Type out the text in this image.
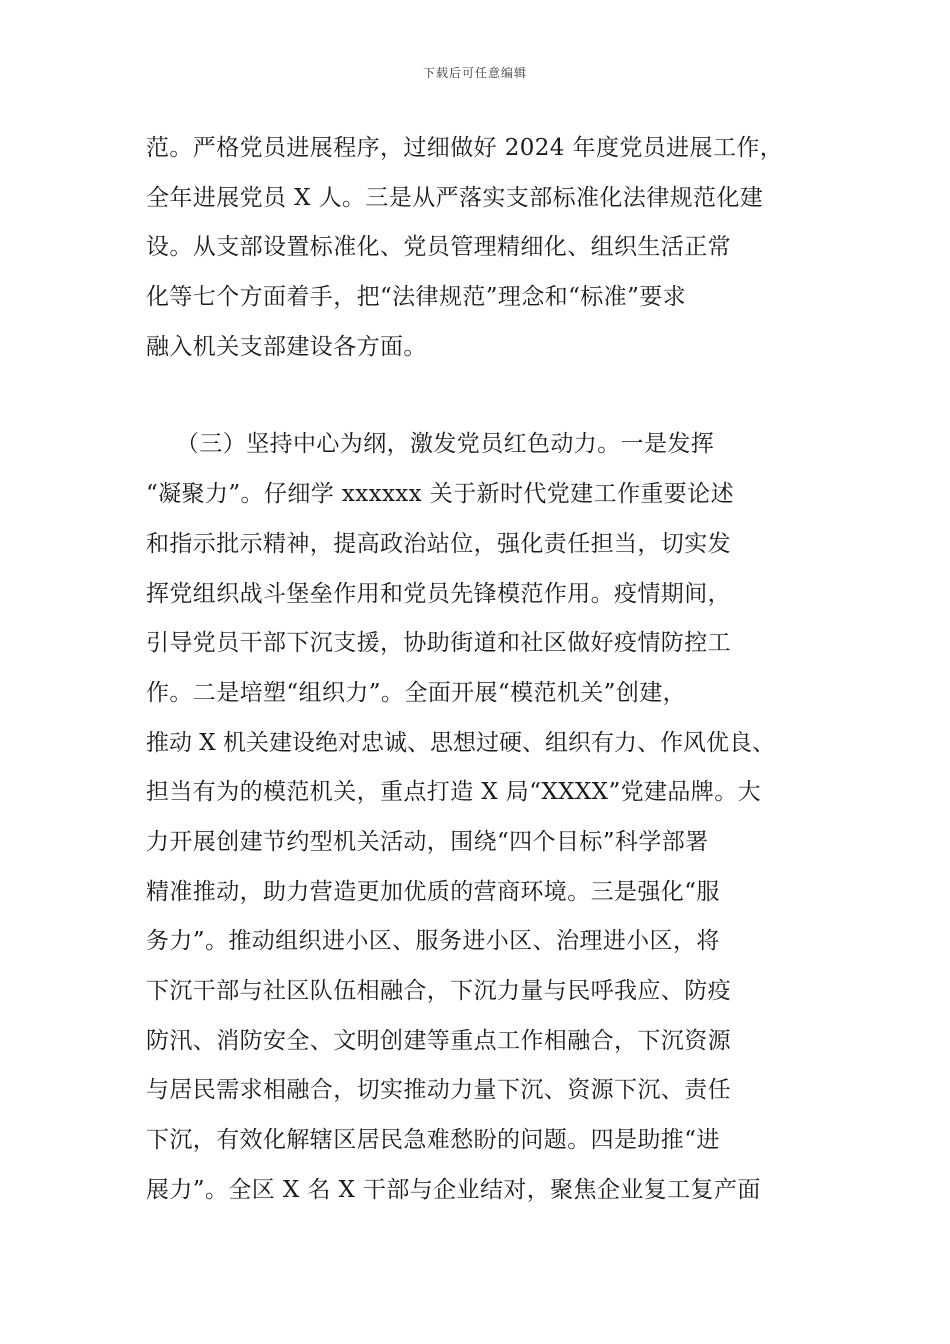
下载后可任意编辑
范。严格党员进展程序，过细做好 2024 年度党员进展工作，
全年进展党员 X 人。三是从严落实支部标准化法律规范化建
设。从支部设置标准化、党员管理精细化、组织生活正常
化等七个方面着手，把“法律规范”理念和“标准”要求
融入机关支部建设各方面。
（三）坚持中心为纲，激发党员红色动力。一是发挥
“凝聚力”。仔细学 xxxxxx 关于新时代党建工作重要论述
和指示批示精神，提高政治站位，强化责任担当，切实发
挥党组织战斗堡垒作用和党员先锋模范作用。疫情期间，
引导党员干部下沉支援，协助街道和社区做好疫情防控工
作。二是培塑“组织力”。全面开展“模范机关”创建，
推动 X 机关建设绝对忠诚、思想过硬、组织有力、作风优良、
担当有为的模范机关，重点打造 X 局“XXXX”党建品牌。大
力开展创建节约型机关活动，围绕“四个目标”科学部署
精准推动，助力营造更加优质的营商环境。三是强化“服
务力”。推动组织进小区、服务进小区、治理进小区，将
下沉干部与社区队伍相融合，下沉力量与民呼我应、防疫
防汛、消防安全、文明创建等重点工作相融合，下沉资源
与居民需求相融合，切实推动力量下沉、资源下沉、责任
下沉，有效化解辖区居民急难愁盼的问题。四是助推“进
展力”。全区 X 名 X 干部与企业结对，聚焦企业复工复产面
